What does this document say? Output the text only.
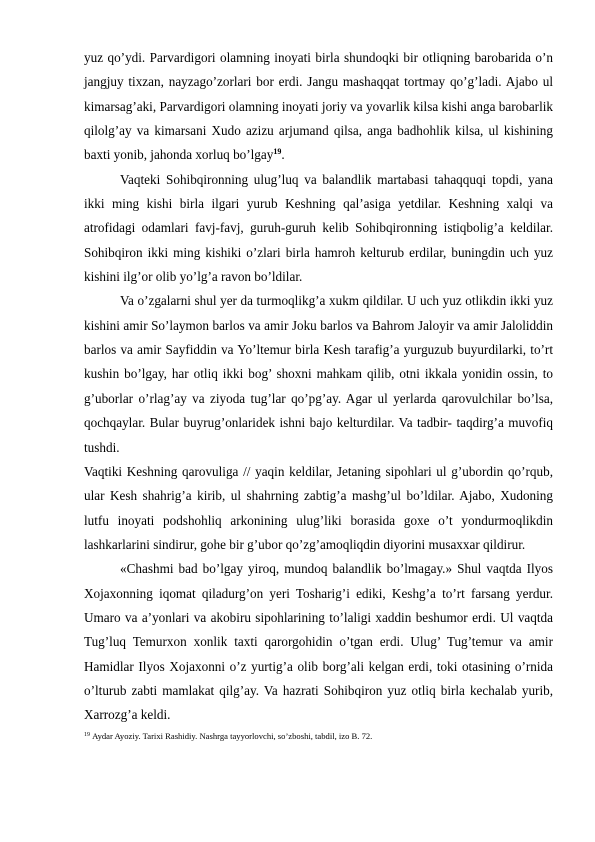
yuz qo’ydi. Parvardigori olamning inoyati birla shundoqki bir otliqning barobarida o’n jangjuy tixzan, nayzago’zorlari bor erdi. Jangu mashaqqat tortmay qo’g’ladi. Ajabo ul kimarsag’aki, Parvardigori olamning inoyati joriy va yovarlik kilsa kishi anga barobarlik qilolg’ay va kimarsani Xudo azizu arjumand qilsa, anga badhohlik kilsa, ul kishining baxti yonib, jahonda xorluq bo’lgay$^{19}$.

Vaqteki Sohibqironning ulug’luq va balandlik martabasi tahaqquqi topdi, yana ikki ming kishi birla ilgari yurub Keshning qal’asiga yetdilar. Keshning xalqi va atrofidagi odamlari favj-favj, guruh-guruh kelib Sohibqironning istiqbolig’a keldilar. Sohibqiron ikki ming kishiki o’zlari birla hamroh kelturub erdilar, buningdin uch yuz kishini ilg’or olib yo’lg’a ravon bo’ldilar.

Va o’zgalarni shul yer da turmoqlikg’a xukm qildilar. U uch yuz otlikdin ikki yuz kishini amir So’laymon barlos va amir Joku barlos va Bahrom Jaloyir va amir Jaloliddin barlos va amir Sayfiddin va Yo’ltemur birla Kesh tarafig’a yurguzub buyurdilarki, to’rt kushin bo’lgay, har otliq ikki bog’ shoxni mahkam qilib, otni ikkala yonidin ossin, to g’uborlar o’rlag’ay va ziyoda tug’lar qo’pg’ay. Agar ul yerlarda qarovulchilar bo’lsa, qochqaylar. Bular buyrug’onlaridek ishni bajo kelturdilar. Va tadbir- taqdirg’a muvofiq tushdi.

Vaqtiki Keshning qarovuliga // yaqin keldilar, Jetaning sipohlari ul g’ubordin qo’rqub, ular Kesh shahrig’a kirib, ul shahrning zabtig’a mashg’ul bo’ldilar. Ajabo, Xudoning lutfu inoyati podshohliq arkonining ulug’liki borasida goxe o’t yondurmoqlikdin lashkarlarini sindirur, gohe bir g’ubor qo’zg’amoqliqdin diyorini musaxxar qildirur.

«Chashmi bad bo’lgay yiroq, mundoq balandlik bo’lmagay.» Shul vaqtda Ilyos Xojaxonning iqomat qiladurg’on yeri Tosharig’i ediki, Keshg’a to’rt farsang yerdur. Umaro va a’yonlari va akobiru sipohlarining to’laligi xaddin beshumor erdi. Ul vaqtda Tug’luq Temurxon xonlik taxti qarorgohidin o’tgan erdi. Ulug’ Tug’temur va amir Hamidlar Ilyos Xojaxonni o’z yurtig’a olib borg’ali kelgan erdi, toki otasining o’rnida o’lturub zabti mamlakat qilg’ay. Va hazrati Sohibqiron yuz otliq birla kechalab yurib, Xarrozg’a keldi.

$^{19}$ Aydar Ayoziy. Tarixi Rashidiy. Nashrga tayyorlovchi, so’zboshi, tabdil, izo B. 72.
